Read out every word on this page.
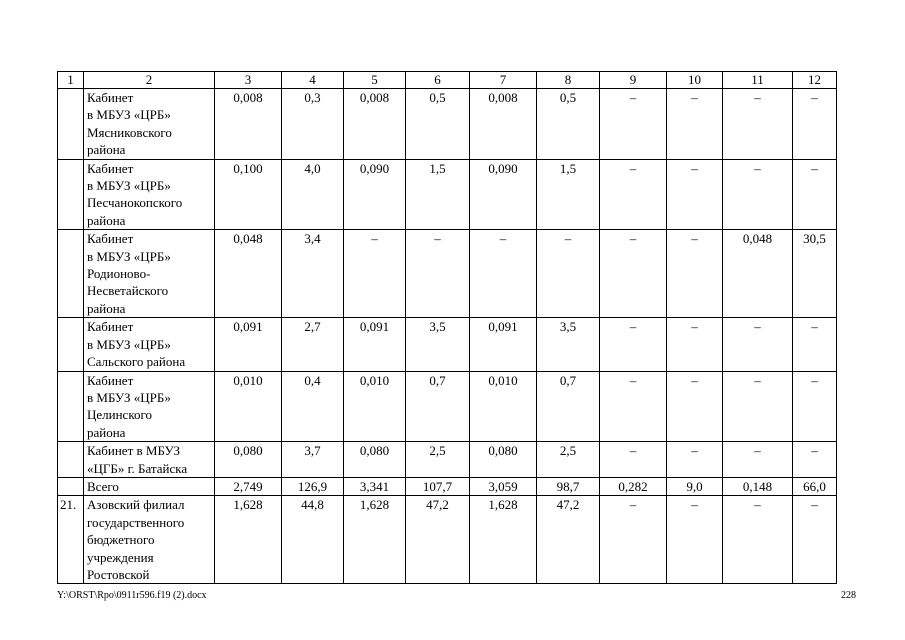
1	2	3	4	5	6	7	8	9	10	11	12

	Кабинет
в МБУЗ «ЦРБ»
Мясниковского
района	0,008	0,3	0,008	0,5	0,008	0,5	–	–	–	–

	Кабинет
в МБУЗ «ЦРБ»
Песчанокопского
района	0,100	4,0	0,090	1,5	0,090	1,5	–	–	–	–

	Кабинет
в МБУЗ «ЦРБ»
Родионово-
Несветайского
района	0,048	3,4	–	–	–	–	–	–	0,048	30,5

	Кабинет
в МБУЗ «ЦРБ»
Сальского района	0,091	2,7	0,091	3,5	0,091	3,5	–	–	–	–

	Кабинет
в МБУЗ «ЦРБ»
Целинского
района	0,010	0,4	0,010	0,7	0,010	0,7	–	–	–	–

	Кабинет в МБУЗ
«ЦГБ» г. Батайска	0,080	3,7	0,080	2,5	0,080	2,5	–	–	–	–

	Всего	2,749	126,9	3,341	107,7	3,059	98,7	0,282	9,0	0,148	66,0
21.	Азовский филиал
государственного
бюджетного
учреждения
Ростовской	1,628	44,8	1,628	47,2	1,628	47,2	–	–	–	–
Y:\ORST\Rpo\0911r596.f19 (2).docx	228
